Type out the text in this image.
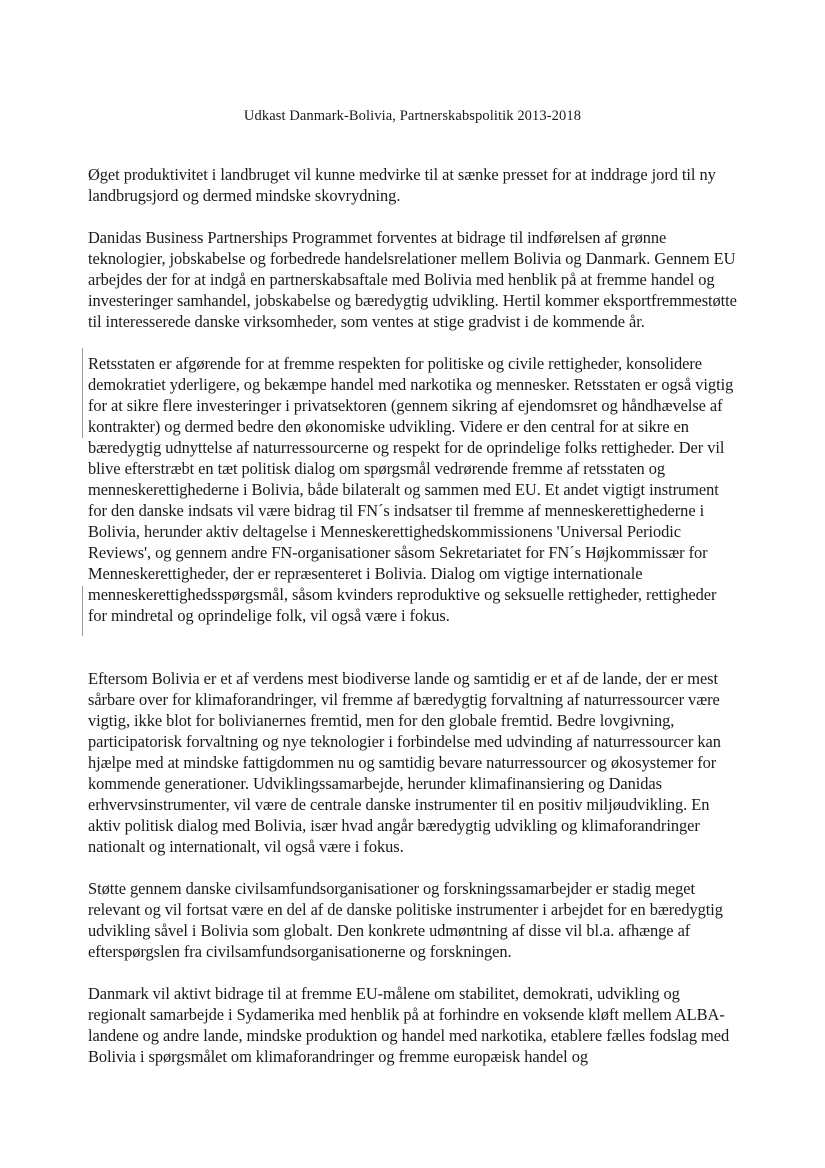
Udkast Danmark-Bolivia, Partnerskabspolitik 2013-2018

Øget produktivitet i landbruget vil kunne medvirke til at sænke presset for at inddrage jord til ny landbrugsjord og dermed mindske skovrydning.

Danidas Business Partnerships Programmet forventes at bidrage til indførelsen af grønne teknologier, jobskabelse og forbedrede handelsrelationer mellem Bolivia og Danmark. Gennem EU arbejdes der for at indgå en partnerskabsaftale med Bolivia med henblik på at fremme handel og investeringer samhandel, jobskabelse og bæredygtig udvikling. Hertil kommer eksportfremmestøtte til interesserede danske virksomheder, som ventes at stige gradvist i de kommende år.

Retsstaten er afgørende for at fremme respekten for politiske og civile rettigheder, konsolidere demokratiet yderligere, og bekæmpe handel med narkotika og mennesker. Retsstaten er også vigtig for at sikre flere investeringer i privatsektoren (gennem sikring af ejendomsret og håndhævelse af kontrakter) og dermed bedre den økonomiske udvikling. Videre er den central for at sikre en bæredygtig udnyttelse af naturressourcerne og respekt for de oprindelige folks rettigheder. Der vil blive efterstræbt en tæt politisk dialog om spørgsmål vedrørende fremme af retsstaten og menneskerettighederne i Bolivia, både bilateralt og sammen med EU. Et andet vigtigt instrument for den danske indsats vil være bidrag til FN´s indsatser til fremme af menneskerettighederne i Bolivia, herunder aktiv deltagelse i Menneskerettighedskommissionens 'Universal Periodic Reviews', og gennem andre FN-organisationer såsom Sekretariatet for FN´s Højkommissær for Menneskerettigheder, der er repræsenteret i Bolivia. Dialog om vigtige internationale menneskerettighedsspørgsmål, såsom kvinders reproduktive og seksuelle rettigheder, rettigheder for mindretal og oprindelige folk, vil også være i fokus.

Eftersom Bolivia er et af verdens mest biodiverse lande og samtidig er et af de lande, der er mest sårbare over for klimaforandringer, vil fremme af bæredygtig forvaltning af naturressourcer være vigtig, ikke blot for bolivianernes fremtid, men for den globale fremtid. Bedre lovgivning, participatorisk forvaltning og nye teknologier i forbindelse med udvinding af naturressourcer kan hjælpe med at mindske fattigdommen nu og samtidig bevare naturressourcer og økosystemer for kommende generationer. Udviklingssamarbejde, herunder klimafinansiering og Danidas erhvervsinstrumenter, vil være de centrale danske instrumenter til en positiv miljøudvikling. En aktiv politisk dialog med Bolivia, især hvad angår bæredygtig udvikling og klimaforandringer nationalt og internationalt, vil også være i fokus.

Støtte gennem danske civilsamfundsorganisationer og forskningssamarbejder er stadig meget relevant og vil fortsat være en del af de danske politiske instrumenter i arbejdet for en bæredygtig udvikling såvel i Bolivia som globalt. Den konkrete udmøntning af disse vil bl.a. afhænge af efterspørgslen fra civilsamfundsorganisationerne og forskningen.

Danmark vil aktivt bidrage til at fremme EU-målene om stabilitet, demokrati, udvikling og regionalt samarbejde i Sydamerika med henblik på at forhindre en voksende kløft mellem ALBA-landene og andre lande, mindske produktion og handel med narkotika, etablere fælles fodslag med Bolivia i spørgsmålet om klimaforandringer og fremme europæisk handel og
